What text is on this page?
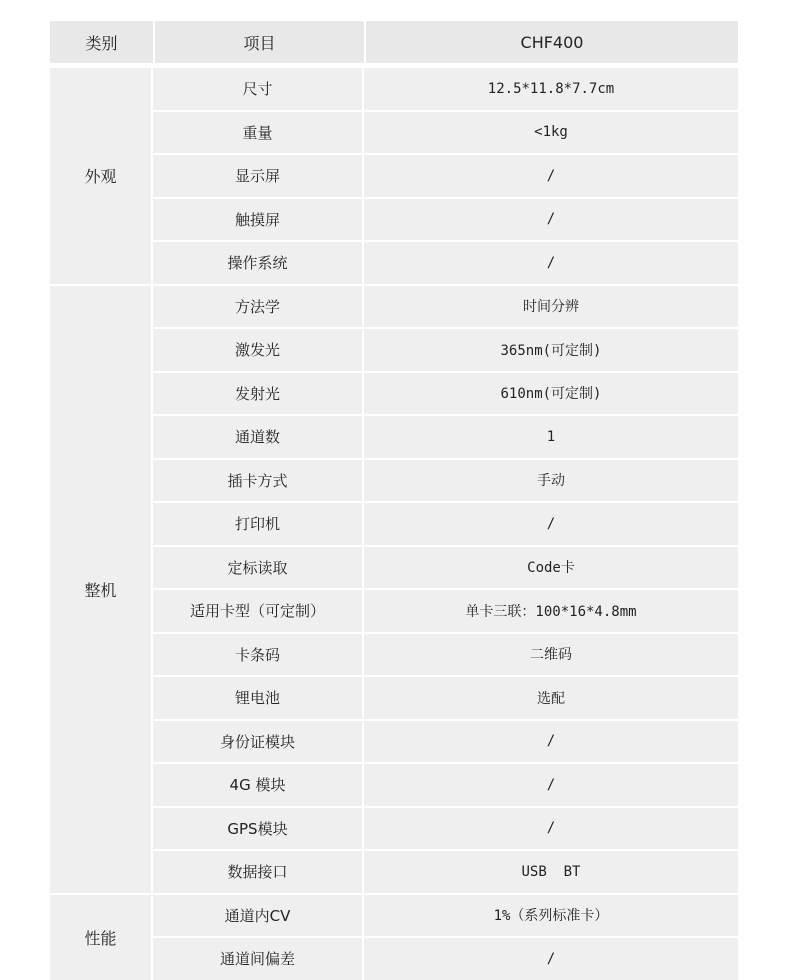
类别	项目	CHF400
外观
尺寸	12.5*11.8*7.7cm
重量	<1kg
显示屏	/
触摸屏	/
操作系统	/
整机
方法学	时间分辨
激发光	365nm(可定制)
发射光	610nm(可定制)
通道数	1
插卡方式	手动
打印机	/
定标读取	Code卡
适用卡型（可定制）	单卡三联：100*16*4.8mm
卡条码	二维码
锂电池	选配
身份证模块	/
4G 模块	/
GPS模块	/
数据接口	USB  BT
性能
通道内CV	1%（系列标准卡）
通道间偏差	/
